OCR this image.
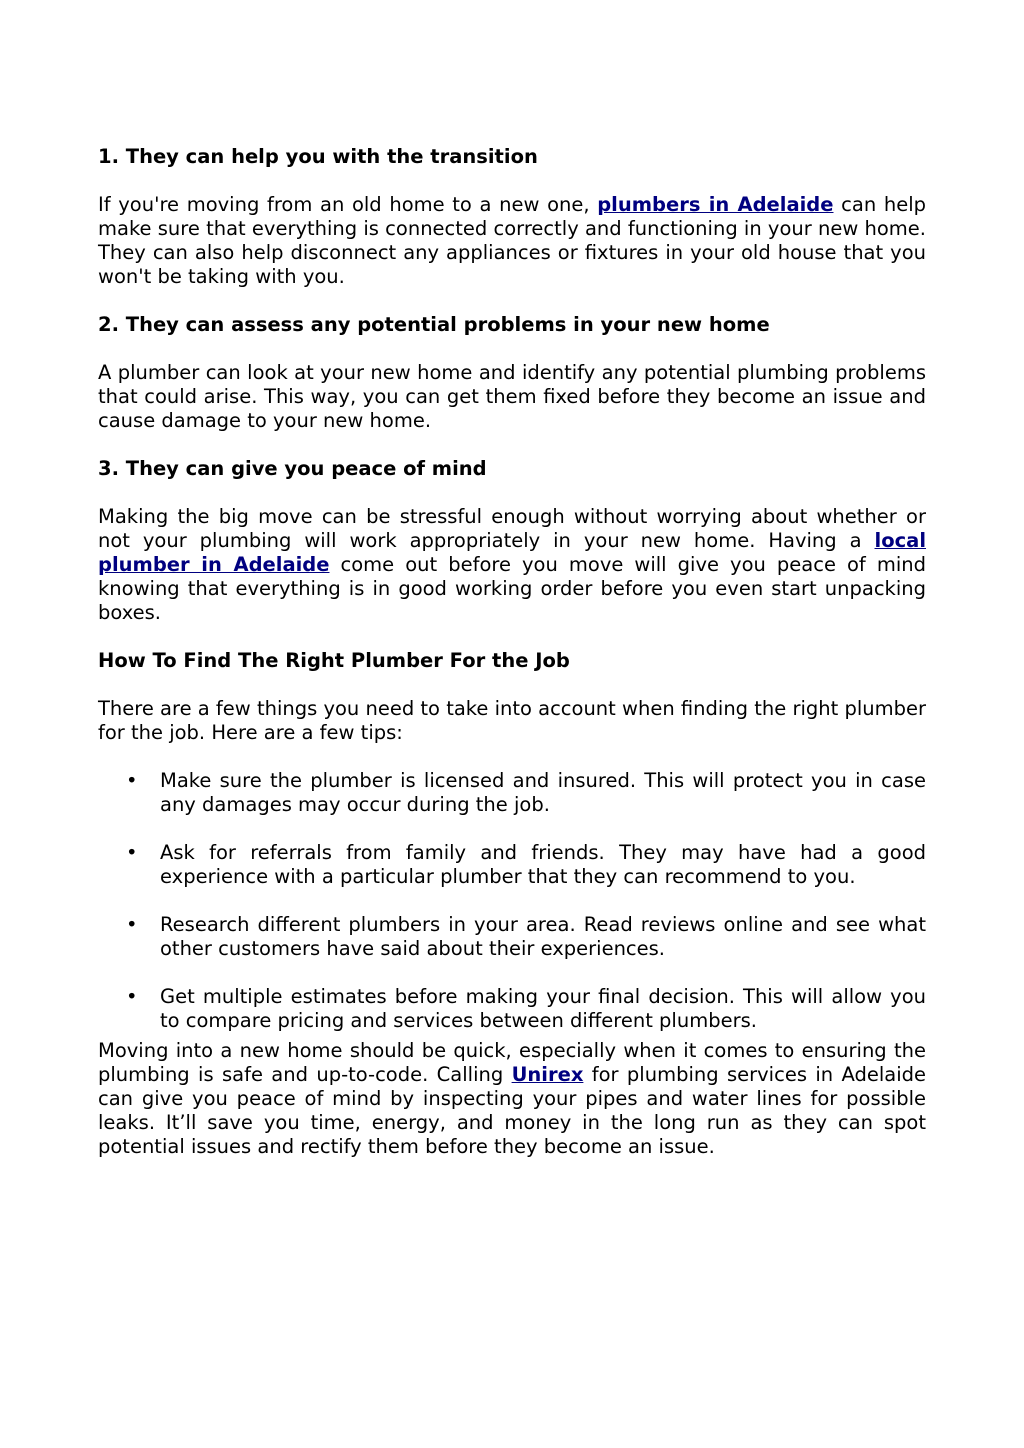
1. They can help you with the transition

If you're moving from an old home to a new one, plumbers in Adelaide can help make sure that everything is connected correctly and functioning in your new home. They can also help disconnect any appliances or fixtures in your old house that you won't be taking with you.

2. They can assess any potential problems in your new home

A plumber can look at your new home and identify any potential plumbing problems that could arise. This way, you can get them fixed before they become an issue and cause damage to your new home.

3. They can give you peace of mind

Making the big move can be stressful enough without worrying about whether or not your plumbing will work appropriately in your new home. Having a local plumber in Adelaide come out before you move will give you peace of mind knowing that everything is in good working order before you even start unpacking boxes.

How To Find The Right Plumber For the Job

There are a few things you need to take into account when finding the right plumber for the job. Here are a few tips:

• Make sure the plumber is licensed and insured. This will protect you in case any damages may occur during the job.
• Ask for referrals from family and friends. They may have had a good experience with a particular plumber that they can recommend to you.
• Research different plumbers in your area. Read reviews online and see what other customers have said about their experiences.
• Get multiple estimates before making your final decision. This will allow you to compare pricing and services between different plumbers.

Moving into a new home should be quick, especially when it comes to ensuring the plumbing is safe and up-to-code. Calling Unirex for plumbing services in Adelaide can give you peace of mind by inspecting your pipes and water lines for possible leaks. It’ll save you time, energy, and money in the long run as they can spot potential issues and rectify them before they become an issue.
